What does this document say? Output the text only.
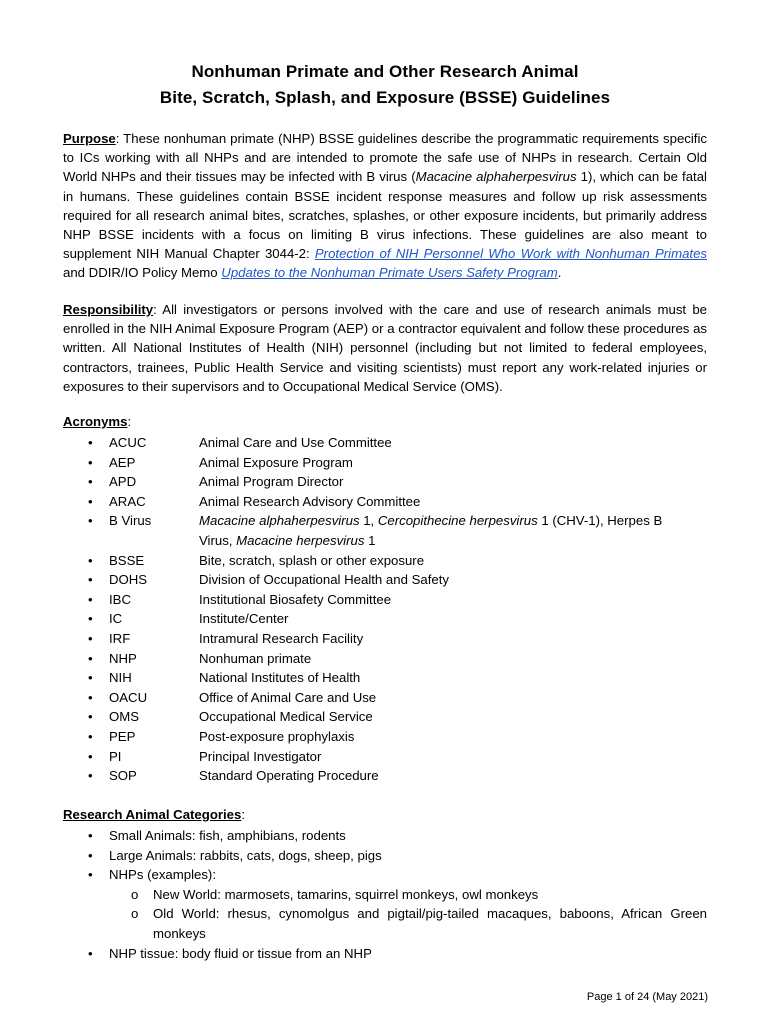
Nonhuman Primate and Other Research Animal
Bite, Scratch, Splash, and Exposure (BSSE) Guidelines
Purpose: These nonhuman primate (NHP) BSSE guidelines describe the programmatic requirements specific to ICs working with all NHPs and are intended to promote the safe use of NHPs in research. Certain Old World NHPs and their tissues may be infected with B virus (Macacine alphaherpesvirus 1), which can be fatal in humans. These guidelines contain BSSE incident response measures and follow up risk assessments required for all research animal bites, scratches, splashes, or other exposure incidents, but primarily address NHP BSSE incidents with a focus on limiting B virus infections. These guidelines are also meant to supplement NIH Manual Chapter 3044-2: Protection of NIH Personnel Who Work with Nonhuman Primates and DDIR/IO Policy Memo Updates to the Nonhuman Primate Users Safety Program.
Responsibility: All investigators or persons involved with the care and use of research animals must be enrolled in the NIH Animal Exposure Program (AEP) or a contractor equivalent and follow these procedures as written. All National Institutes of Health (NIH) personnel (including but not limited to federal employees, contractors, trainees, Public Health Service and visiting scientists) must report any work-related injuries or exposures to their supervisors and to Occupational Medical Service (OMS).
Acronyms:
•	ACUC	Animal Care and Use Committee
•	AEP	Animal Exposure Program
•	APD	Animal Program Director
•	ARAC	Animal Research Advisory Committee
•	B Virus	Macacine alphaherpesvirus 1, Cercopithecine herpesvirus 1 (CHV-1), Herpes B Virus, Macacine herpesvirus 1
•	BSSE	Bite, scratch, splash or other exposure
•	DOHS	Division of Occupational Health and Safety
•	IBC	Institutional Biosafety Committee
•	IC	Institute/Center
•	IRF	Intramural Research Facility
•	NHP	Nonhuman primate
•	NIH	National Institutes of Health
•	OACU	Office of Animal Care and Use
•	OMS	Occupational Medical Service
•	PEP	Post-exposure prophylaxis
•	PI	Principal Investigator
•	SOP	Standard Operating Procedure
Research Animal Categories:
•	Small Animals: fish, amphibians, rodents
•	Large Animals: rabbits, cats, dogs, sheep, pigs
•	NHPs (examples):
o	New World: marmosets, tamarins, squirrel monkeys, owl monkeys
o	Old World: rhesus, cynomolgus and pigtail/pig-tailed macaques, baboons, African Green monkeys
•	NHP tissue: body fluid or tissue from an NHP
Page 1 of 24 (May 2021)
